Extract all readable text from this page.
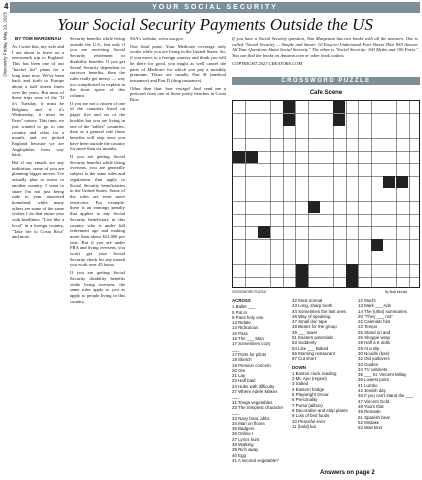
4
Discovery Friday, May 19, 2023
YOUR SOCIAL SECURITY
Your Social Security Payments Outside the US
BY TOM MARGENAU

As I write this, my wife and I are about to leave on a one-month trip to England. This has been one of our "bucket list" plans for a long time now. We've been back and forth to Europe about a half dozen times over the years. But most of those trips were of the "If it's Tuesday, it must be Belgium and if it's Wednesday, it must be Paris" variety. This time, we just wanted to go to one country and relax for a month, and we picked England because we are Anglophiles from way back.

But if my emails are any indication, some of you are planning bigger moves. I've actually plan to move to another country. I want to share I'm not just being rude to your answered homeland, while many others are some of the same wishes I do that entire year with headlines: "Live like a local" in a foreign country, "Take her to Costa Rica" and more.

Security benefits while living outside the U.S., but only if you are receiving Social Security retirement or disability benefits. If you get Social Security dependent or survivor benefits, then the rules really get messy — way too complicated to explain in the short space of this column.

If you are not a citizen of one of the countries listed on pages five and six of the booklet but you are living in one of the "tables" countries, then as a general rule those benefits will stop once you have been outside the country for more than six months.

If you are getting Social Security benefits while living overseas, you are generally subject to the same rules and regulations that apply to Social Security beneficiaries in the United States. Some of the rules are even more restrictive. For example, there is an earnings penalty that applies to any Social Security beneficiary in this country who is under full retirement age and making more than about $21,000 per year. But if you are under FRA and living overseas, you won't get your Social Security check for any month you work over 45 hours.

If you are getting Social Security disability benefits while living overseas, the same rules apply to you as apply to people living in this country.

SSA's website, www.ssa.gov.

One final point. Your Medicare coverage only works while you are living in the United States. So, if you move to a foreign country and think you will be there for good, you might as well cancel the parts of Medicare for which you pay a monthly premium. Those are usually Part B (medical insurance) and Part D (drug insurance).

Other than that: bon voyage! And send me a postcard from one of those pretty beaches in Costa Rica.

If you have a Social Security question, Tom Margenau has two books with all the answers. One is called "Social Security — Simple and Smart: 10 Easy-to-Understand Fact Sheets That Will Answer All Your Questions About Social Security." The other is "Social Security: 100 Myths and 100 Facts." You can find the books on Amazon.com or other book outlets.

COPYRIGHT 2023 CREATORS.COM

CROSSWORD PUZZLE
Cafe Scene
CROSSWORD PUZZLE	By Matt Kincaid
ACROSS
1 Ballet ___
5 Put in
9 Pans holy one
13 Relate
14 Ridiculous
15 Pass
16 The ___ Man
17 Sometimes cozy
___
17 Ports for pilots
18 Sketch
19 Pension concern
20 Ore
21 Lay
23 Half bald
24 Hubs with difficulty
27 Where Adele Makes
___
31 Tonga vegetables
33 The Simplest character
___
33 Navy boat, abbr.
34 Man on floors
35 Badgers
36 Online I
37 Lyrics hunt
38 Walking
39 Rich away
40 Egg
41 A second vegetable?
42 Most normal
43 Long, sharp tooth
44 Sometimes the last ones
46 Way of speaking
47 Small doc tape
48 Beans for the group
49 ___ tower
51 Eastern potentials
53 Suddenly
54 Like ___ Baked
56 Morning restaurant
57 Cut short
DOWN
1 Boston clock reading
2 Mt. Apo (region)
3 Salted
4 Eastern bridge
5 Playwright Oscar
6 Personality
7 Purse (ailbox)
8 Decorative and strip plants
9 Lots of bed foods
10 Peaceful-ever
11 (bold) kai
12 Mod's
13 Mark ___ Ads
14 The (ultra) summaries
20 "They ___ not"
22 Calendar hint
23 Tempo
25 Stand on and
26 Shoppe wrap
28 Half a K dolls
29 At a slip
30 Noodle (ban)
32 Old pullovers
33 Guides
34 TV cabinets
35 ___ St. Vincent Millay
36 Lowest point
41 Lumbo
42 Jewish day
46 If you can't stand the ___
47 Vincent Gold
48 Yours that
49 Remade
51 Spanish bear
52 Mistake
53 Wait kind
Answers on page 2
